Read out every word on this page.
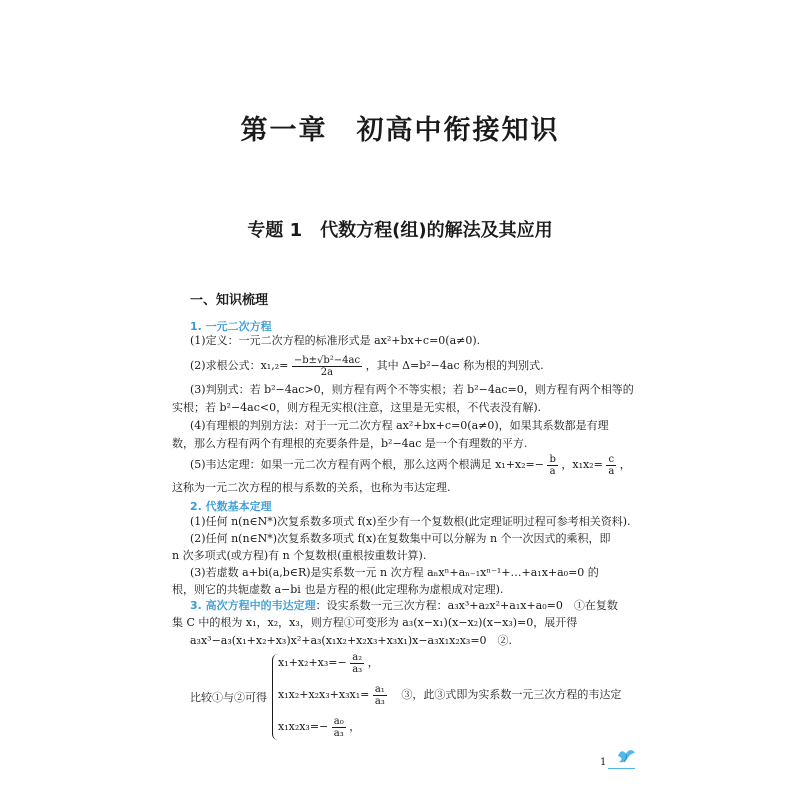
第一章　初高中衔接知识
专题 1　代数方程(组)的解法及其应用
一、知识梳理
1. 一元二次方程
(1)定义：一元二次方程的标准形式是 ax²+bx+c=0(a≠0).
(2)求根公式：$x_1,_2= \frac{\text{−b±√b²−4ac}}{2a}$ ，其中 Δ=b²−4ac 称为根的判别式.
(3)判别式：若 b²−4ac>0，则方程有两个不等实根；若 b²−4ac=0，则方程有两个相等的
实根；若 b²−4ac<0，则方程无实根(注意，这里是无实根，不代表没有解).
(4)有理根的判别方法：对于一元二次方程 ax²+bx+c=0(a≠0)，如果其系数都是有理
数，那么方程有两个有理根的充要条件是，b²−4ac 是一个有理数的平方.
(5)韦达定理：如果一元二次方程有两个根，那么这两个根满足 $x_1+x_2=- \frac{b}{a}$ ，$x_1x_2= \frac{c}{a}$ ，
这称为一元二次方程的根与系数的关系，也称为韦达定理.
2. 代数基本定理
(1)任何 n(n∈N*)次复系数多项式 f(x)至少有一个复数根(此定理证明过程可参考相关资料).
(2)任何 n(n∈N*)次复系数多项式 f(x)在复数集中可以分解为 n 个一次因式的乘积，即
n 次多项式(或方程)有 n 个复数根(重根按重数计算).
(3)若虚数 a+bi(a,b∈R)是实系数一元 n 次方程 aₙxⁿ+aₙ₋₁xⁿ⁻¹+…+a₁x+a₀=0 的
根，则它的共轭虚数 a−bi 也是方程的根(此定理称为虚根成对定理).
3. 高次方程中的韦达定理：设实系数一元三次方程：a₃x³+a₂x²+a₁x+a₀=0　①在复数
集 C 中的根为 x₁，x₂，x₃，则方程①可变形为 a₃(x−x₁)(x−x₂)(x−x₃)=0，展开得
a₃x³−a₃(x₁+x₂+x₃)x²+a₃(x₁x₂+x₂x₃+x₃x₁)x−a₃x₁x₂x₃=0　②.
比较①与②可得
$x_1+x_2+x_3=- \frac{\text{a₂}}{\text{a₃}}$ ，
$x_1x_2+x_2x_3+x_3x_1= \frac{\text{a₁}}{\text{a₃}}$ 　③，此③式即为实系数一元三次方程的韦达定
$x_1x_2x_3=- \frac{\text{a₀}}{\text{a₃}}$ ，
1
